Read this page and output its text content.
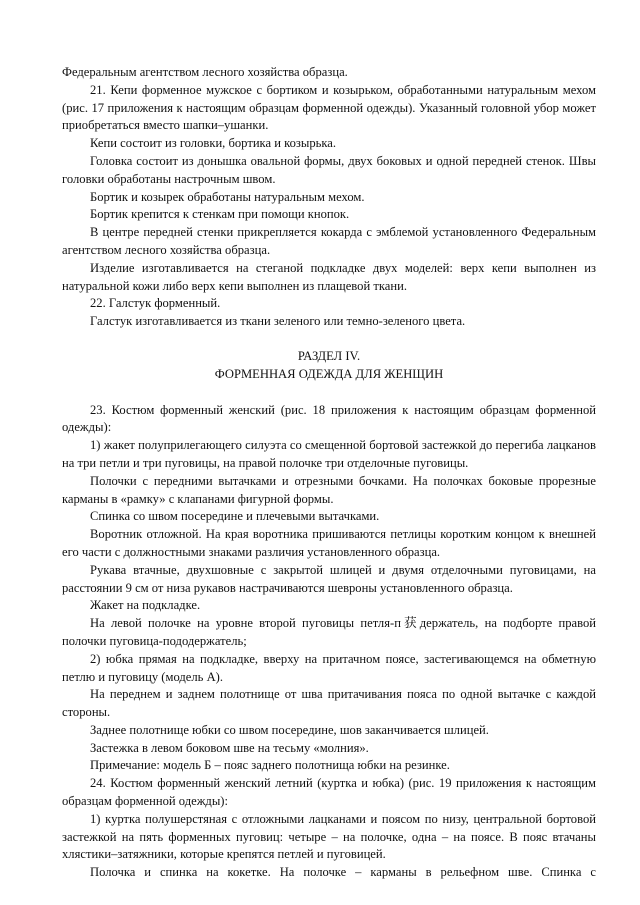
Федеральным агентством лесного хозяйства образца.

21. Кепи форменное мужское с бортиком и козырьком, обработанными натуральным мехом (рис. 17 приложения к настоящим образцам форменной одежды). Указанный головной убор может приобретаться вместо шапки–ушанки.

Кепи состоит из головки, бортика и козырька.

Головка состоит из донышка овальной формы, двух боковых и одной передней стенок. Швы головки обработаны настрочным швом.

Бортик и козырек обработаны натуральным мехом.

Бортик крепится к стенкам при помощи кнопок.

В центре передней стенки прикрепляется кокарда с эмблемой установленного Федеральным агентством лесного хозяйства образца.

Изделие изготавливается на стеганой подкладке двух моделей: верх кепи выполнен из натуральной кожи либо верх кепи выполнен из плащевой ткани.

22. Галстук форменный.

Галстук изготавливается из ткани зеленого или темно-зеленого цвета.

РАЗДЕЛ IV.

ФОРМЕННАЯ ОДЕЖДА ДЛЯ ЖЕНЩИН

23. Костюм форменный женский (рис. 18 приложения к настоящим образцам форменной одежды):

1) жакет полуприлегающего силуэта со смещенной бортовой застежкой до перегиба лацканов на три петли и три пуговицы, на правой полочке три отделочные пуговицы.

Полочки с передними вытачками и отрезными бочками. На полочках боковые прорезные карманы в «рамку» с клапанами фигурной формы.

Спинка со швом посередине и плечевыми вытачками.

Воротник отложной. На края воротника пришиваются петлицы коротким концом к внешней его части с должностными знаками различия установленного образца.

Рукава втачные, двухшовные с закрытой шлицей и двумя отделочными пуговицами, на расстоянии 9 см от низа рукавов настрачиваются шевроны установленного образца.

Жакет на подкладке.

На левой полочке на уровне второй пуговицы петля-п获держатель, на подборте правой полочки пуговица-пододержатель;

2) юбка прямая на подкладке, вверху на притачном поясе, застегивающемся на обметную петлю и пуговицу (модель А).

На переднем и заднем полотнище от шва притачивания пояса по одной вытачке с каждой стороны.

Заднее полотнище юбки со швом посередине, шов заканчивается шлицей.

Застежка в левом боковом шве на тесьму «молния».

Примечание: модель Б – пояс заднего полотнища юбки на резинке.

24. Костюм форменный женский летний (куртка и юбка) (рис. 19 приложения к настоящим образцам форменной одежды):

1) куртка полушерстяная с отложными лацканами и поясом по низу, центральной бортовой застежкой на пять форменных пуговиц: четыре – на полочке, одна – на поясе. В пояс втачаны хлястики–затяжники, которые крепятся петлей и пуговицей.

Полочка и спинка на кокетке. На полочке – карманы в рельефном шве. Спинка с
